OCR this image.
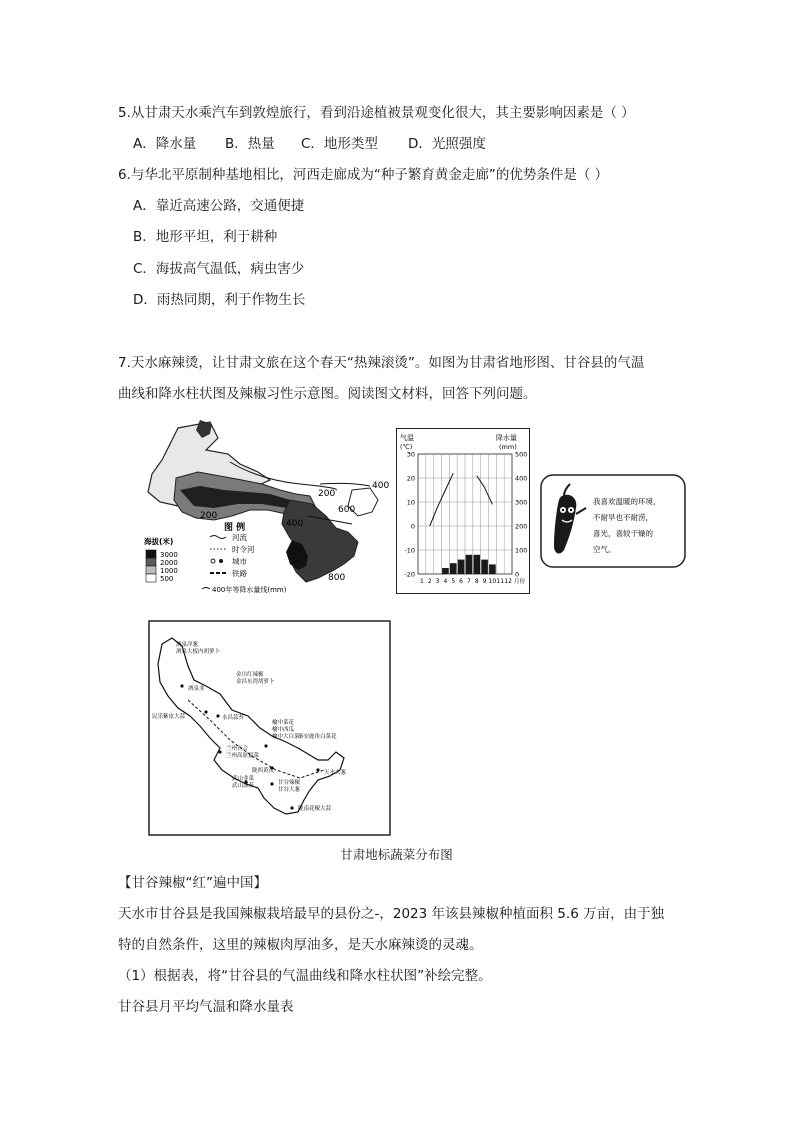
5.从甘肃天水乘汽车到敦煌旅行，看到沿途植被景观变化很大，其主要影响因素是（ ）
A．降水量 B．热量 C．地形类型 D．光照强度
6.与华北平原制种基地相比，河西走廊成为“种子繁育黄金走廊”的优势条件是（ ）
A．靠近高速公路，交通便捷
B．地形平坦，利于耕种
C．海拔高气温低，病虫害少
D．雨热同期，利于作物生长
7.天水麻辣烫，让甘肃文旅在这个春天“热辣滚烫”。如图为甘肃省地形图、甘谷县的气温
曲线和降水柱状图及辣椒习性示意图。阅读图文材料，回答下列问题。
400
200
200
400
600
800
图 例
海拔(米)
3000
2000
1000
500
河流
时令河
城市
铁路
400年等降水量线(mm)
气温
(℃)
降水量
(mm)
30
20
10
0
-10
-20
500
400
300
200
100
0
1 2 3 4 5 6 7 8 9 10 11 12 月份
我喜欢温暖的环境，
不耐旱也不耐涝，
喜光，喜较干燥的
空气。
酒泉洋葱酒泉大板内胡萝卜
酒泉韭
金川红辣椒金昌东湾胡萝卜
民乐紫皮大蒜	永昌蒜苔
榆中菜花榆中西瓜榆中大白菜
秦安鹿角白菜花
兰州百合兰州高原夏菜
陇西黄芪	天水大葱
武山韭菜武山蒜苔	甘谷辣椒甘谷大葱
陇南花椒大蒜
甘肃地标蔬菜分布图
【甘谷辣椒“红”遍中国】
天水市甘谷县是我国辣椒栽培最早的县份之-，2023 年该县辣椒种植面积 5.6 万亩，由于独
特的自然条件，这里的辣椒肉厚油多，是天水麻辣烫的灵魂。
（1）根据表，将“甘谷县的气温曲线和降水柱状图”补绘完整。
甘谷县月平均气温和降水量表
